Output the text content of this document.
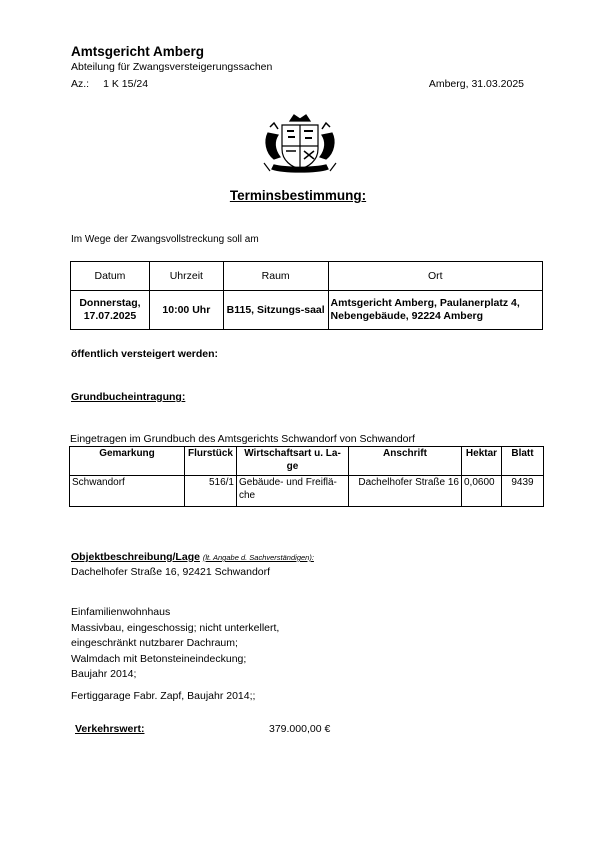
Amtsgericht Amberg
Abteilung für Zwangsversteigerungssachen
Az.: 1 K 15/24	Amberg, 31.03.2025
Terminsbestimmung:
Im Wege der Zwangsvollstreckung soll am
Datum	Uhrzeit	Raum	Ort
Donnerstag, 17.07.2025	10:00 Uhr	B115, Sitzungs-saal	Amtsgericht Amberg, Paulanerplatz 4, Nebengebäude, 92224 Amberg
öffentlich versteigert werden:
Grundbucheintragung:
Eingetragen im Grundbuch des Amtsgerichts Schwandorf von Schwandorf
Gemarkung	Flurstück	Wirtschaftsart u. La-ge	Anschrift	Hektar	Blatt
Schwandorf	516/1	Gebäude- und Freiflä-che	Dachelhofer Straße 16	0,0600	9439
Objektbeschreibung/Lage (lt. Angabe d. Sachverständigen):
Dachelhofer Straße 16, 92421 Schwandorf
Einfamilienwohnhaus
Massivbau, eingeschossig; nicht unterkellert,
eingeschränkt nutzbarer Dachraum;
Walmdach mit Betonsteineindeckung;
Baujahr 2014;
Fertiggarage Fabr. Zapf, Baujahr 2014;;
Verkehrswert:	379.000,00 €
